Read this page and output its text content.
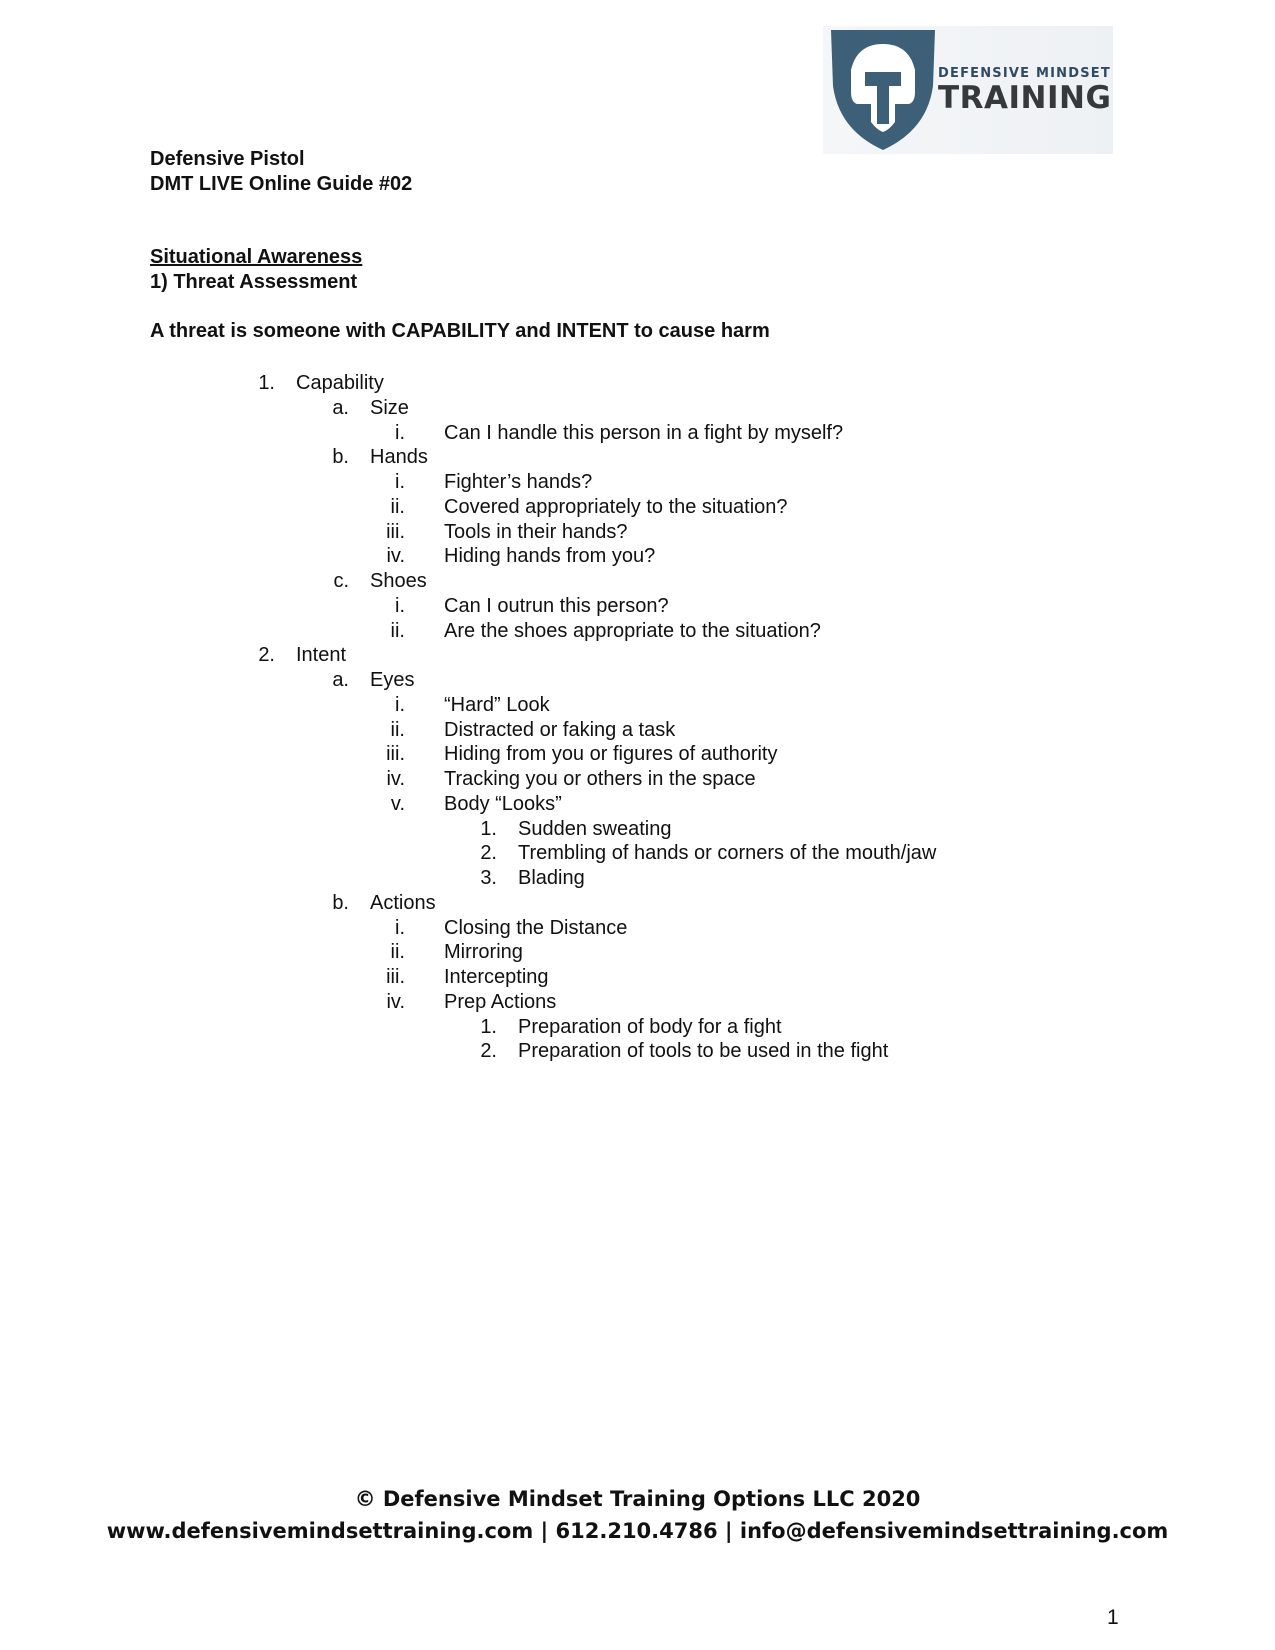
DEFENSIVE MINDSET
TRAINING
Defensive Pistol
DMT LIVE Online Guide #02
Situational Awareness
1) Threat Assessment
A threat is someone with CAPABILITY and INTENT to cause harm
1. Capability
a. Size
i. Can I handle this person in a fight by myself?
b. Hands
i. Fighter’s hands?
ii. Covered appropriately to the situation?
iii. Tools in their hands?
iv. Hiding hands from you?
c. Shoes
i. Can I outrun this person?
ii. Are the shoes appropriate to the situation?
2. Intent
a. Eyes
i. “Hard” Look
ii. Distracted or faking a task
iii. Hiding from you or figures of authority
iv. Tracking you or others in the space
v. Body “Looks”
1. Sudden sweating
2. Trembling of hands or corners of the mouth/jaw
3. Blading
b. Actions
i. Closing the Distance
ii. Mirroring
iii. Intercepting
iv. Prep Actions
1. Preparation of body for a fight
2. Preparation of tools to be used in the fight
© Defensive Mindset Training Options LLC 2020
www.defensivemindsettraining.com | 612.210.4786 | info@defensivemindsettraining.com
1
